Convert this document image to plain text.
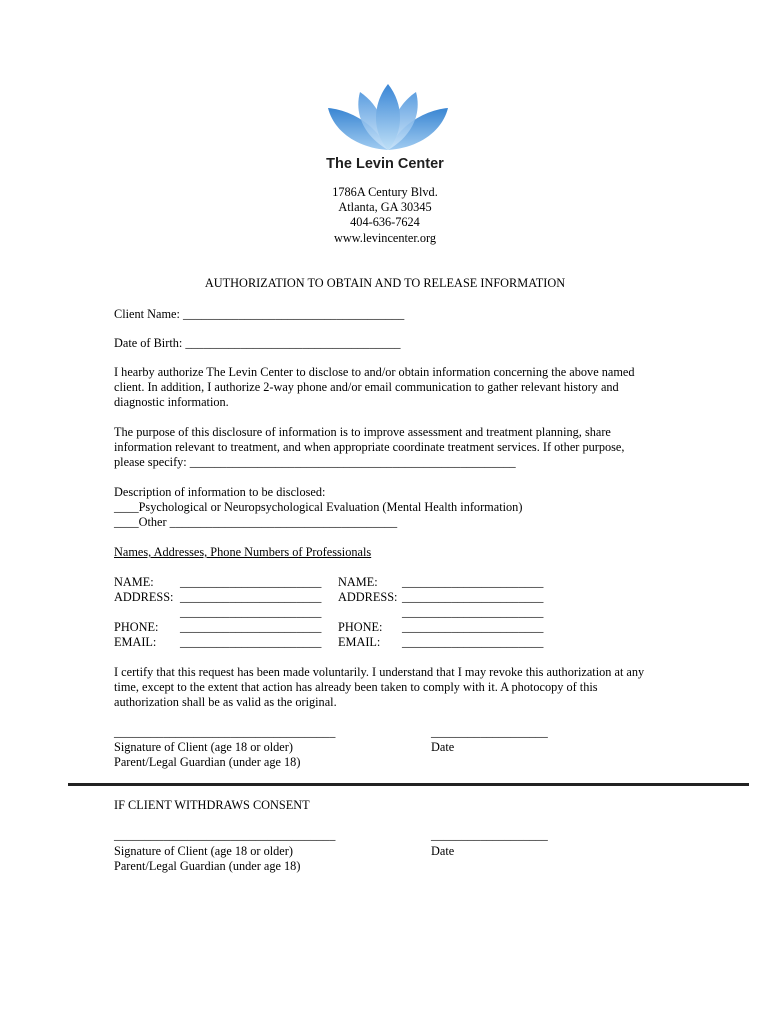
The Levin Center
1786A Century Blvd.
Atlanta, GA 30345
404-636-7624
www.levincenter.org
AUTHORIZATION TO OBTAIN AND TO RELEASE INFORMATION
Client Name: ____________________________________
Date of Birth: ___________________________________
I hearby authorize The Levin Center to disclose to and/or obtain information concerning the above named
client. In addition, I authorize 2-way phone and/or email communication to gather relevant history and
diagnostic information.
The purpose of this disclosure of information is to improve assessment and treatment planning, share
information relevant to treatment, and when appropriate coordinate treatment services. If other purpose,
please specify: _____________________________________________________
Description of information to be disclosed:
____Psychological or Neuropsychological Evaluation (Mental Health information)
____Other _____________________________________
Names, Addresses, Phone Numbers of Professionals
NAME: _______________________
ADDRESS: _______________________
_______________________
PHONE: _______________________
EMAIL: _______________________
NAME: _______________________
ADDRESS: _______________________
_______________________
PHONE: _______________________
EMAIL: _______________________
I certify that this request has been made voluntarily. I understand that I may revoke this authorization at any
time, except to the extent that action has already been taken to comply with it. A photocopy of this
authorization shall be as valid as the original.
____________________________________	___________________
Signature of Client (age 18 or older)	Date
Parent/Legal Guardian (under age 18)
IF CLIENT WITHDRAWS CONSENT
____________________________________	___________________
Signature of Client (age 18 or older)	Date
Parent/Legal Guardian (under age 18)
